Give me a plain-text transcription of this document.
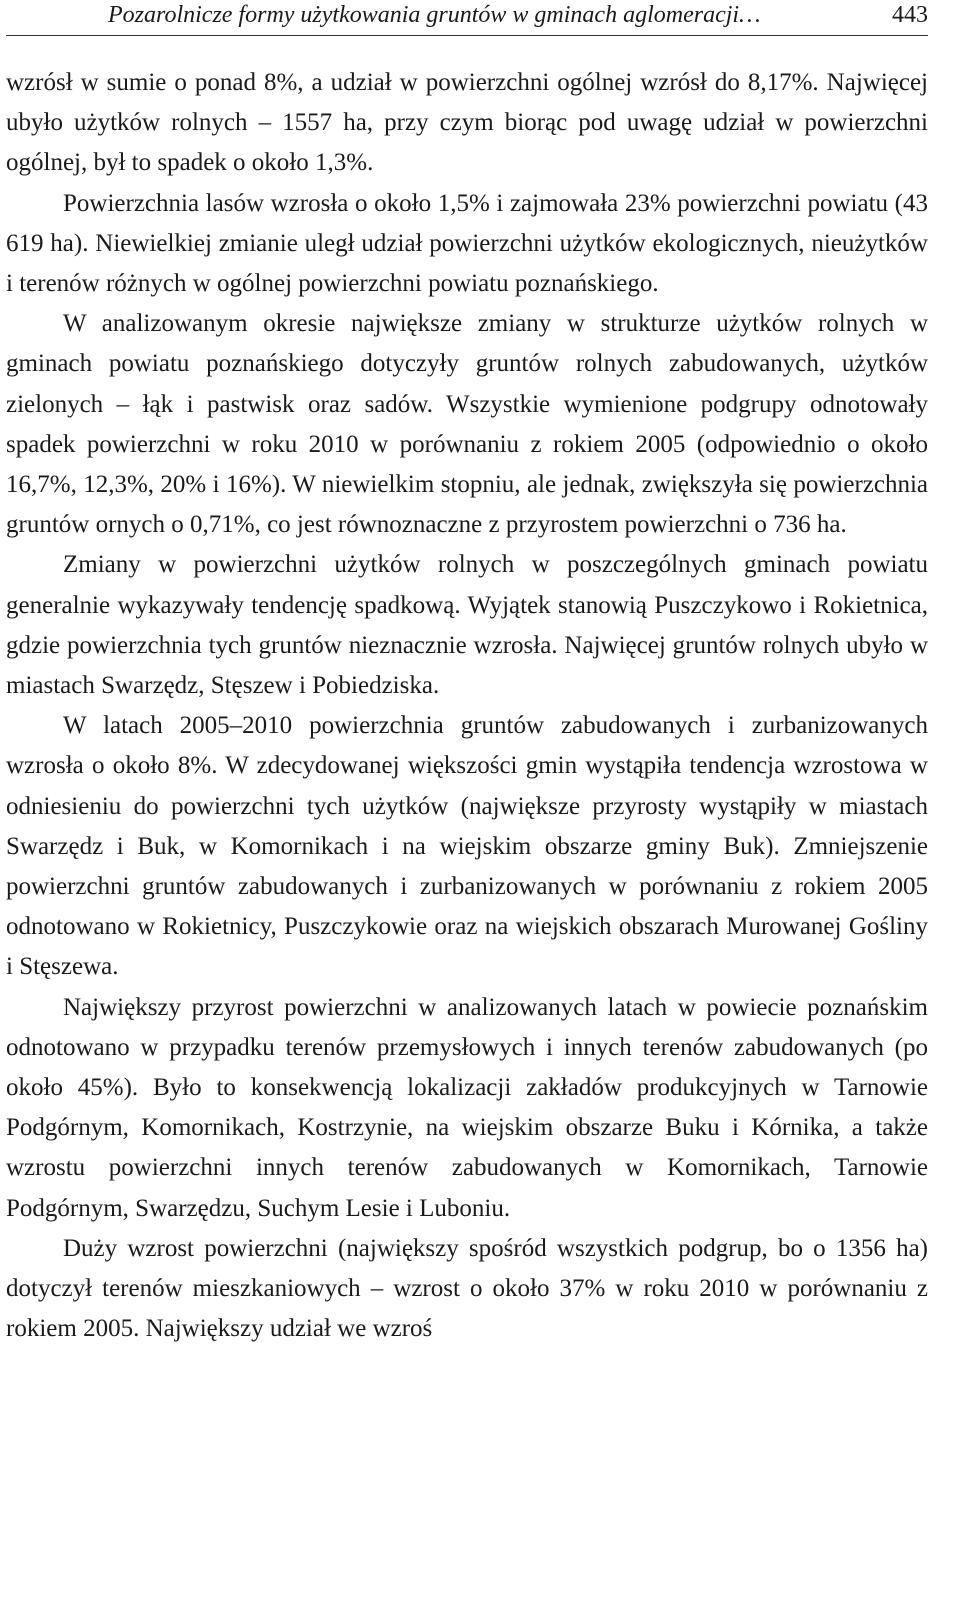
Pozarolnicze formy użytkowania gruntów w gminach aglomeracji…	443

wzrósł w sumie o ponad 8%, a udział w powierzchni ogólnej wzrósł do 8,17%. Najwięcej ubyło użytków rolnych – 1557 ha, przy czym biorąc pod uwagę udział w powierzchni ogólnej, był to spadek o około 1,3%.

Powierzchnia lasów wzrosła o około 1,5% i zajmowała 23% powierzchni powiatu (43 619 ha). Niewielkiej zmianie uległ udział powierzchni użytków ekologicznych, nieużytków i terenów różnych w ogólnej powierzchni powiatu poznańskiego.

W analizowanym okresie największe zmiany w strukturze użytków rolnych w gminach powiatu poznańskiego dotyczyły gruntów rolnych zabudowanych, użytków zielonych – łąk i pastwisk oraz sadów. Wszystkie wymienione podgrupy odnotowały spadek powierzchni w roku 2010 w porównaniu z rokiem 2005 (odpowiednio o około 16,7%, 12,3%, 20% i 16%). W niewielkim stopniu, ale jednak, zwiększyła się powierzchnia gruntów ornych o 0,71%, co jest równoznaczne z przyrostem powierzchni o 736 ha.

Zmiany w powierzchni użytków rolnych w poszczególnych gminach powiatu generalnie wykazywały tendencję spadkową. Wyjątek stanowią Puszczykowo i Rokietnica, gdzie powierzchnia tych gruntów nieznacznie wzrosła. Najwięcej gruntów rolnych ubyło w miastach Swarzędz, Stęszew i Pobiedziska.

W latach 2005–2010 powierzchnia gruntów zabudowanych i zurbanizowanych wzrosła o około 8%. W zdecydowanej większości gmin wystąpiła tendencja wzrostowa w odniesieniu do powierzchni tych użytków (największe przyrosty wystąpiły w miastach Swarzędz i Buk, w Komornikach i na wiejskim obszarze gminy Buk). Zmniejszenie powierzchni gruntów zabudowanych i zurbanizowanych w porównaniu z rokiem 2005 odnotowano w Rokietnicy, Puszczykowie oraz na wiejskich obszarach Murowanej Gośliny i Stęszewa.

Największy przyrost powierzchni w analizowanych latach w powiecie poznańskim odnotowano w przypadku terenów przemysłowych i innych terenów zabudowanych (po około 45%). Było to konsekwencją lokalizacji zakładów produkcyjnych w Tarnowie Podgórnym, Komornikach, Kostrzynie, na wiejskim obszarze Buku i Kórnika, a także wzrostu powierzchni innych terenów zabudowanych w Komornikach, Tarnowie Podgórnym, Swarzędzu, Suchym Lesie i Luboniu.

Duży wzrost powierzchni (największy spośród wszystkich podgrup, bo o 1356 ha) dotyczył terenów mieszkaniowych – wzrost o około 37% w roku 2010 w porównaniu z rokiem 2005. Największy udział we wzroś
